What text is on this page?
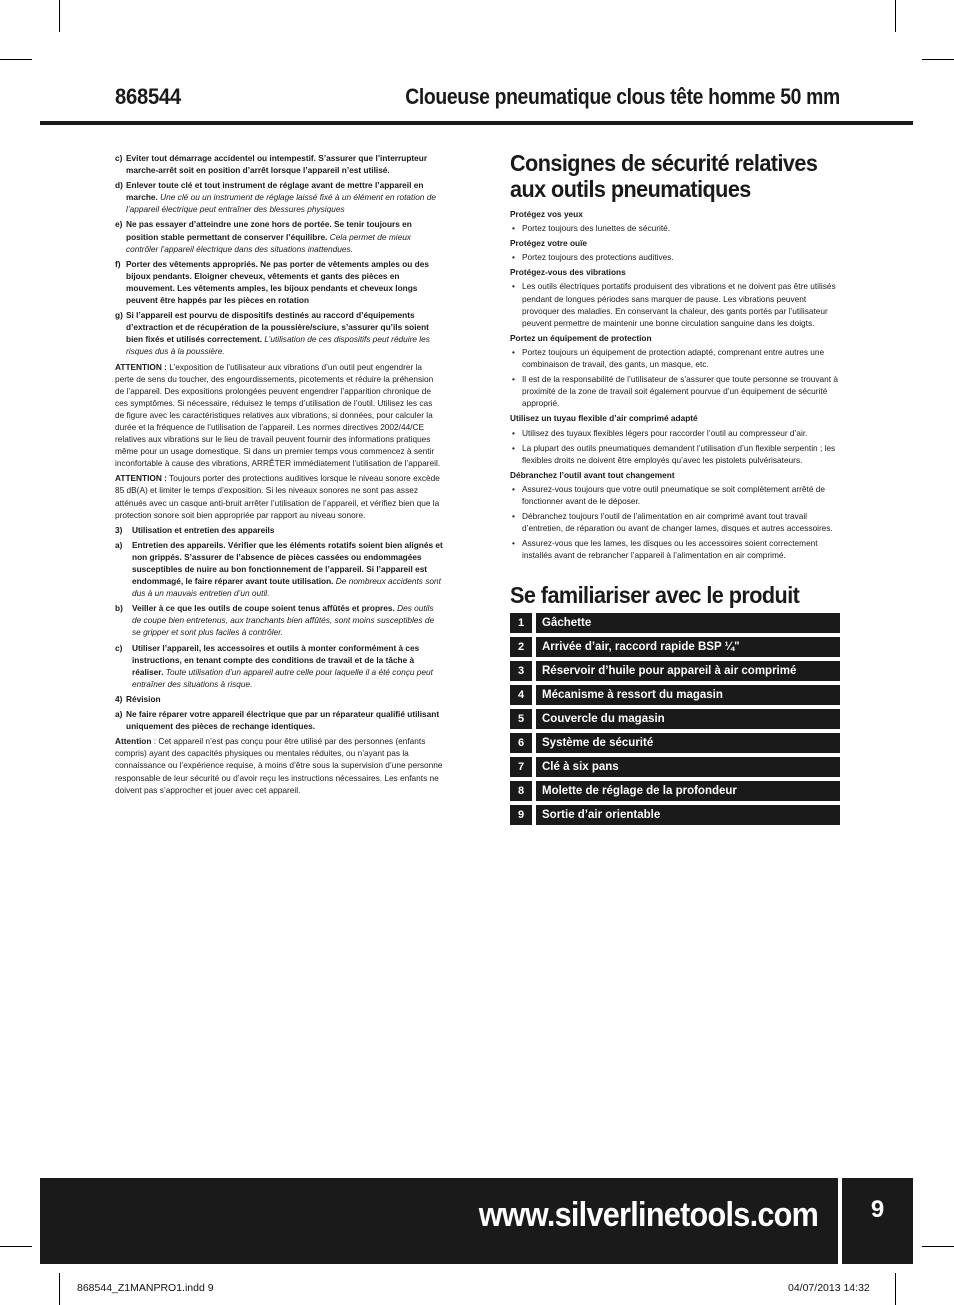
868544	Cloueuse pneumatique clous tête homme 50 mm
c) Eviter tout démarrage accidentel ou intempestif. S’assurer que l’interrupteur marche-arrêt soit en position d’arrêt lorsque l’appareil n’est utilisé.
d) Enlever toute clé et tout instrument de réglage avant de mettre l’appareil en marche. Une clé ou un instrument de réglage laissé fixé à un élément en rotation de l’appareil électrique peut entraîner des blessures physiques
e) Ne pas essayer d’atteindre une zone hors de portée. Se tenir toujours en position stable permettant de conserver l’équilibre. Cela permet de mieux contrôler l’appareil électrique dans des situations inattendues.
f) Porter des vêtements appropriés. Ne pas porter de vêtements amples ou des bijoux pendants. Eloigner cheveux, vêtements et gants des pièces en mouvement. Les vêtements amples, les bijoux pendants et cheveux longs peuvent être happés par les pièces en rotation
g) Si l’appareil est pourvu de dispositifs destinés au raccord d’équipements d’extraction et de récupération de la poussière/sciure, s’assurer qu’ils soient bien fixés et utilisés correctement. L’utilisation de ces dispositifs peut réduire les risques dus à la poussière.

ATTENTION : L’exposition de l’utilisateur aux vibrations d’un outil peut engendrer la perte de sens du toucher, des engourdissements, picotements et réduire la préhension de l’appareil. Des expositions prolongées peuvent engendrer l’apparition chronique de ces symptômes. Si nécessaire, réduisez le temps d’utilisation de l’outil. Utilisez les cas de figure avec les caractéristiques relatives aux vibrations, si données, pour calculer la durée et la fréquence de l’utilisation de l’appareil. Les normes directives 2002/44/CE relatives aux vibrations sur le lieu de travail peuvent fournir des informations pratiques même pour un usage domestique. Si dans un premier temps vous commencez à sentir inconfortable à cause des vibrations, ARRÊTER immédiatement l’utilisation de l’appareil.

ATTENTION : Toujours porter des protections auditives lorsque le niveau sonore excède 85 dB(A) et limiter le temps d’exposition. Si les niveaux sonores ne sont pas assez atténués avec un casque anti-bruit arrêter l’utilisation de l’appareil, et vérifiez bien que la protection sonore soit bien appropriée par rapport au niveau sonore.

3)	Utilisation et entretien des appareils
a)	Entretien des appareils. Vérifier que les éléments rotatifs soient bien alignés et non grippés. S’assurer de l’absence de pièces cassées ou endommagées susceptibles de nuire au bon fonctionnement de l’appareil. Si l’appareil est endommagé, le faire réparer avant toute utilisation. De nombreux accidents sont dus à un mauvais entretien d’un outil.
b)	Veiller à ce que les outils de coupe soient tenus affûtés et propres. Des outils de coupe bien entretenus, aux tranchants bien affûtés, sont moins susceptibles de se gripper et sont plus faciles à contrôler.
c)	Utiliser l’appareil, les accessoires et outils à monter conformément à ces instructions, en tenant compte des conditions de travail et de la tâche à réaliser. Toute utilisation d’un appareil autre celle pour laquelle il a été conçu peut entraîner des situations à risque.
4) Révision
a) Ne faire réparer votre appareil électrique que par un réparateur qualifié utilisant uniquement des pièces de rechange identiques.

Attention : Cet appareil n’est pas conçu pour être utilisé par des personnes (enfants compris) ayant des capacités physiques ou mentales réduites, ou n’ayant pas la connaissance ou l’expérience requise, à moins d’être sous la supervision d’une personne responsable de leur sécurité ou d’avoir reçu les instructions nécessaires. Les enfants ne doivent pas s’approcher et jouer avec cet appareil.

Consignes de sécurité relatives aux outils pneumatiques
Protégez vos yeux
• Portez toujours des lunettes de sécurité.
Protégez votre ouïe
• Portez toujours des protections auditives.
Protégez-vous des vibrations
• Les outils électriques portatifs produisent des vibrations et ne doivent pas être utilisés pendant de longues périodes sans marquer de pause. Les vibrations peuvent provoquer des maladies. En conservant la chaleur, des gants portés par l’utilisateur peuvent permettre de maintenir une bonne circulation sanguine dans les doigts.
Portez un équipement de protection
• Portez toujours un équipement de protection adapté, comprenant entre autres une combinaison de travail, des gants, un masque, etc.
• Il est de la responsabilité de l’utilisateur de s’assurer que toute personne se trouvant à proximité de la zone de travail soit également pourvue d’un équipement de sécurité approprié.
Utilisez un tuyau flexible d’air comprimé adapté
• Utilisez des tuyaux flexibles légers pour raccorder l’outil au compresseur d’air.
• La plupart des outils pneumatiques demandent l’utilisation d’un flexible serpentin ; les flexibles droits ne doivent être employés qu’avec les pistolets pulvérisateurs.
Débranchez l’outil avant tout changement
• Assurez-vous toujours que votre outil pneumatique se soit complètement arrêté de fonctionner avant de le déposer.
• Débranchez toujours l’outil de l’alimentation en air comprimé avant tout travail d’entretien, de réparation ou avant de changer lames, disques et autres accessoires.
• Assurez-vous que les lames, les disques ou les accessoires soient correctement installés avant de rebrancher l’appareil à l’alimentation en air comprimé.
Se familiariser avec le produit
1	Gâchette
2	Arrivée d’air, raccord rapide BSP ¼"
3	Réservoir d’huile pour appareil à air comprimé
4	Mécanisme à ressort du magasin
5	Couvercle du magasin
6	Système de sécurité
7	Clé à six pans
8	Molette de réglage de la profondeur
9	Sortie d’air orientable
www.silverlinetools.com	9
868544_Z1MANPRO1.indd 9	04/07/2013 14:32
